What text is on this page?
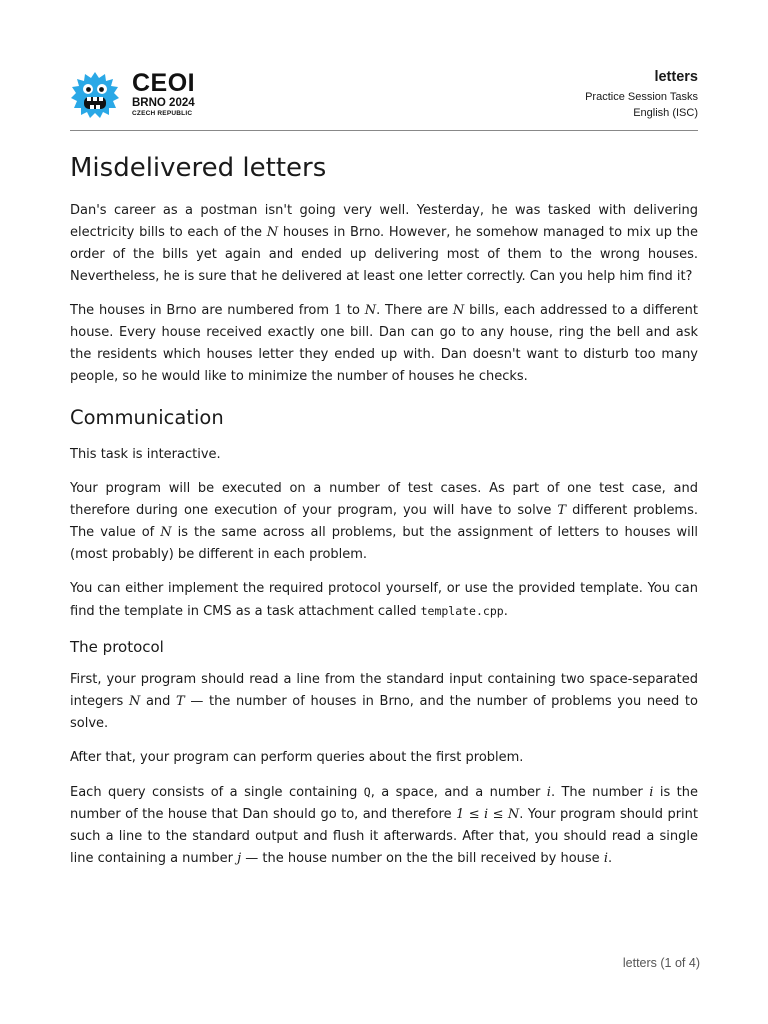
CEOI
BRNO 2024
CZECH REPUBLIC
letters
Practice Session Tasks
English (ISC)
Misdelivered letters

Dan's career as a postman isn't going very well. Yesterday, he was tasked with delivering electricity bills to each of the N houses in Brno. However, he somehow managed to mix up the order of the bills yet again and ended up delivering most of them to the wrong houses. Nevertheless, he is sure that he delivered at least one letter correctly. Can you help him find it?

The houses in Brno are numbered from 1 to N. There are N bills, each addressed to a different house. Every house received exactly one bill. Dan can go to any house, ring the bell and ask the residents which houses letter they ended up with. Dan doesn't want to disturb too many people, so he would like to minimize the number of houses he checks.

Communication

This task is interactive.

Your program will be executed on a number of test cases. As part of one test case, and therefore during one execution of your program, you will have to solve T different problems. The value of N is the same across all problems, but the assignment of letters to houses will (most probably) be different in each problem.

You can either implement the required protocol yourself, or use the provided template. You can find the template in CMS as a task attachment called template.cpp.

The protocol

First, your program should read a line from the standard input containing two space-separated integers N and T — the number of houses in Brno, and the number of problems you need to solve.

After that, your program can perform queries about the first problem.

Each query consists of a single containing Q, a space, and a number i. The number i is the number of the house that Dan should go to, and therefore 1 ≤ i ≤ N. Your program should print such a line to the standard output and flush it afterwards. After that, you should read a single line containing a number j — the house number on the the bill received by house i.

letters (1 of 4)
